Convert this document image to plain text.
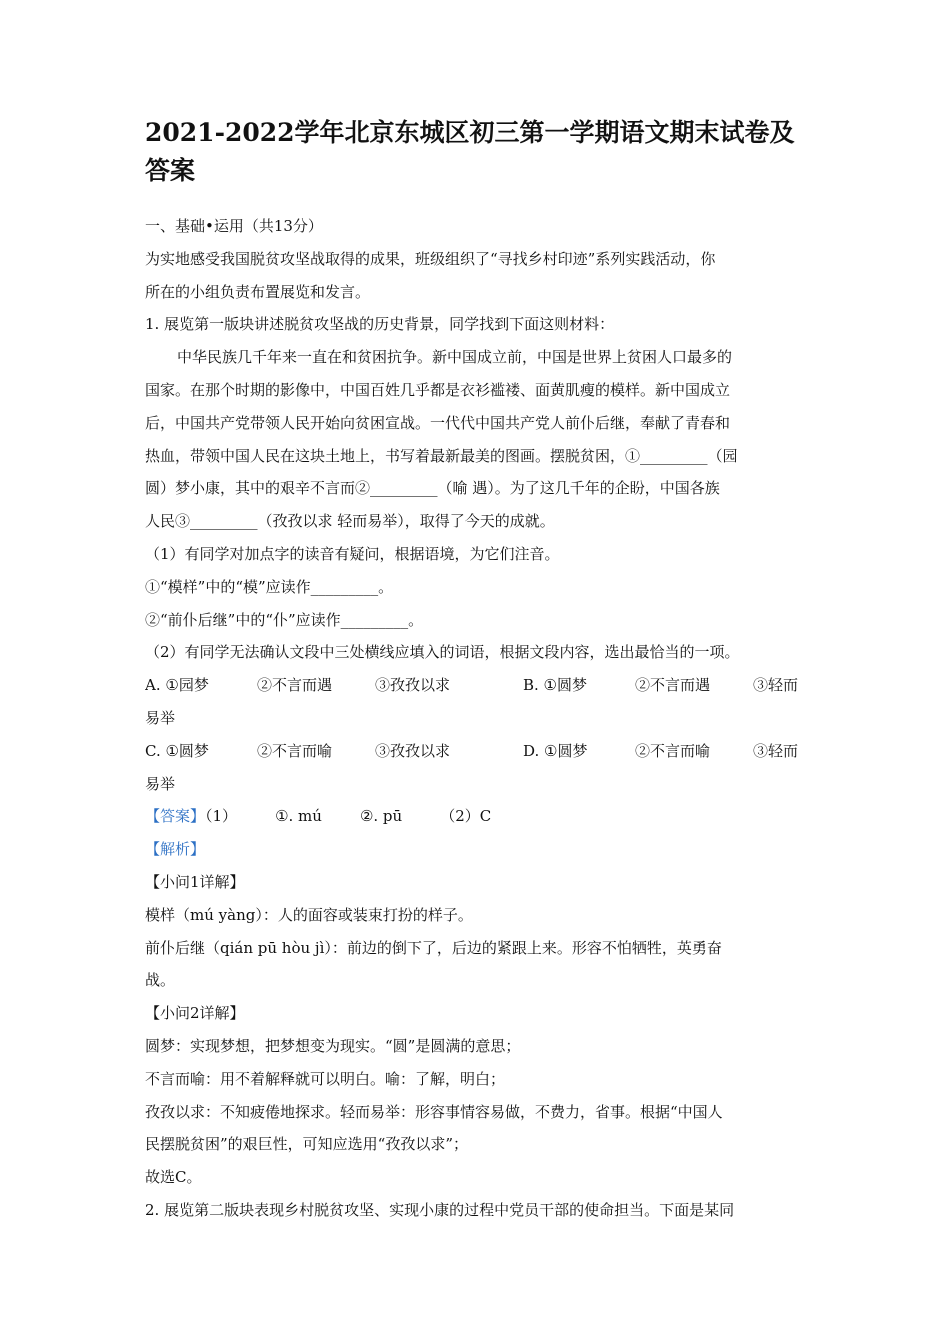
2021-2022学年北京东城区初三第一学期语文期末试卷及答案

一、基础•运用（共13分）

为实地感受我国脱贫攻坚战取得的成果，班级组织了“寻找乡村印迹”系列实践活动，你

所在的小组负责布置展览和发言。

1. 展览第一版块讲述脱贫攻坚战的历史背景，同学找到下面这则材料：

中华民族几千年来一直在和贫困抗争。新中国成立前，中国是世界上贫困人口最多的

国家。在那个时期的影像中，中国百姓几乎都是衣衫褴褛、面黄肌瘦的模样。新中国成立

后，中国共产党带领人民开始向贫困宣战。一代代中国共产党人前仆后继，奉献了青春和

热血，带领中国人民在这块土地上，书写着最新最美的图画。摆脱贫困，①_________（园

圆）梦小康，其中的艰辛不言而②_________（喻 遇）。为了这几千年的企盼，中国各族

人民③_________（孜孜以求 轻而易举），取得了今天的成就。

（1）有同学对加点字的读音有疑问，根据语境，为它们注音。

①“模样”中的“模”应读作_________。

②“前仆后继”中的“仆”应读作_________。

（2）有同学无法确认文段中三处横线应填入的词语，根据文段内容，选出最恰当的一项。

A. ①园梦	②不言而遇	③孜孜以求	B. ①圆梦	②不言而遇	③轻而

易举

C. ①圆梦	②不言而喻	③孜孜以求	D. ①圆梦	②不言而喻	③轻而

易举

【答案】（1）	①. mú	②. pū	（2）C

【解析】

【小问1详解】

模样（mú yàng）：人的面容或装束打扮的样子。

前仆后继（qián pū hòu jì）：前边的倒下了，后边的紧跟上来。形容不怕牺牲，英勇奋

战。

【小问2详解】

圆梦：实现梦想，把梦想变为现实。“圆”是圆满的意思；

不言而喻：用不着解释就可以明白。喻：了解，明白；

孜孜以求：不知疲倦地探求。轻而易举：形容事情容易做，不费力，省事。根据“中国人

民摆脱贫困”的艰巨性，可知应选用“孜孜以求”；

故选C。

2. 展览第二版块表现乡村脱贫攻坚、实现小康的过程中党员干部的使命担当。下面是某同
